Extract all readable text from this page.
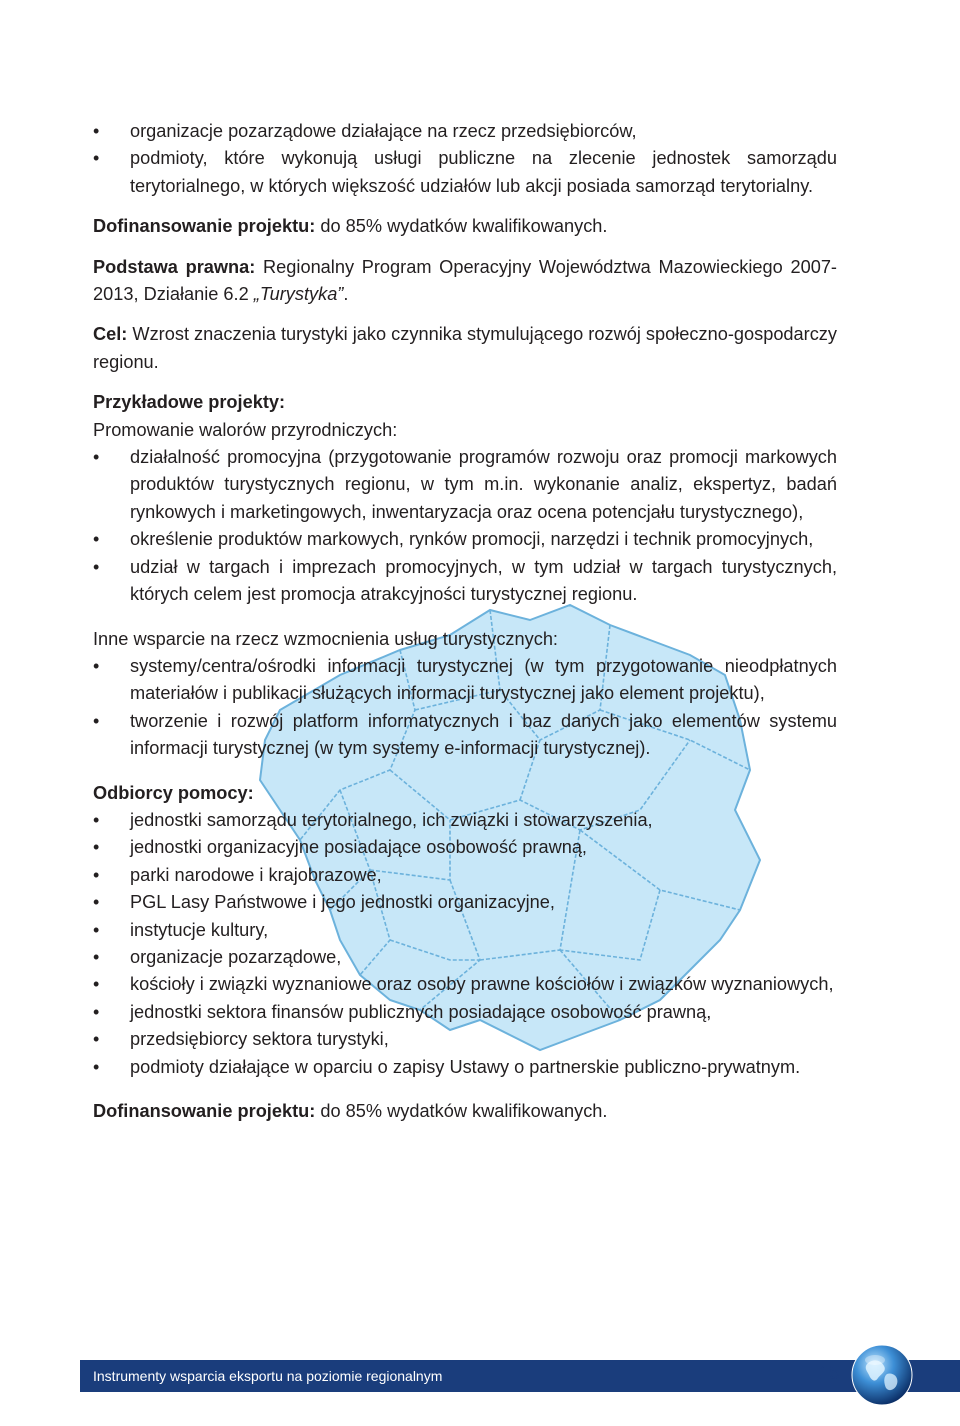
• organizacje pozarządowe działające na rzecz przedsiębiorców,
• podmioty, które wykonują usługi publiczne na zlecenie jednostek samorządu terytorialnego, w których większość udziałów lub akcji posiada samorząd terytorialny.

Dofinansowanie projektu: do 85% wydatków kwalifikowanych.

Podstawa prawna: Regionalny Program Operacyjny Województwa Mazowieckiego 2007-2013, Działanie 6.2 „Turystyka”.

Cel: Wzrost znaczenia turystyki jako czynnika stymulującego rozwój społeczno-gospodarczy regionu.

Przykładowe projekty:

Promowanie walorów przyrodniczych:

• działalność promocyjna (przygotowanie programów rozwoju oraz promocji markowych produktów turystycznych regionu, w tym m.in. wykonanie analiz, ekspertyz, badań rynkowych i marketingowych, inwentaryzacja oraz ocena potencjału turystycznego),
• określenie produktów markowych, rynków promocji, narzędzi i technik promocyjnych,
• udział w targach i imprezach promocyjnych, w tym udział w targach turystycznych, których celem jest promocja atrakcyjności turystycznej regionu.

Inne wsparcie na rzecz wzmocnienia usług turystycznych:

• systemy/centra/ośrodki informacji turystycznej (w tym przygotowanie nieodpłatnych materiałów i publikacji służących informacji turystycznej jako element projektu),
• tworzenie i rozwój platform informatycznych i baz danych jako elementów systemu informacji turystycznej (w tym systemy e-informacji turystycznej).

Odbiorcy pomocy:

• jednostki samorządu terytorialnego, ich związki i stowarzyszenia,
• jednostki organizacyjne posiadające osobowość prawną,
• parki narodowe i krajobrazowe,
• PGL Lasy Państwowe i jego jednostki organizacyjne,
• instytucje kultury,
• organizacje pozarządowe,
• kościoły i związki wyznaniowe oraz osoby prawne kościołów i związków wyznaniowych,
• jednostki sektora finansów publicznych posiadające osobowość prawną,
• przedsiębiorcy sektora turystyki,
• podmioty działające w oparciu o zapisy Ustawy o partnerskie publiczno-prywatnym.

Dofinansowanie projektu: do 85% wydatków kwalifikowanych.

Instrumenty wsparcia eksportu na poziomie regionalnym	15
